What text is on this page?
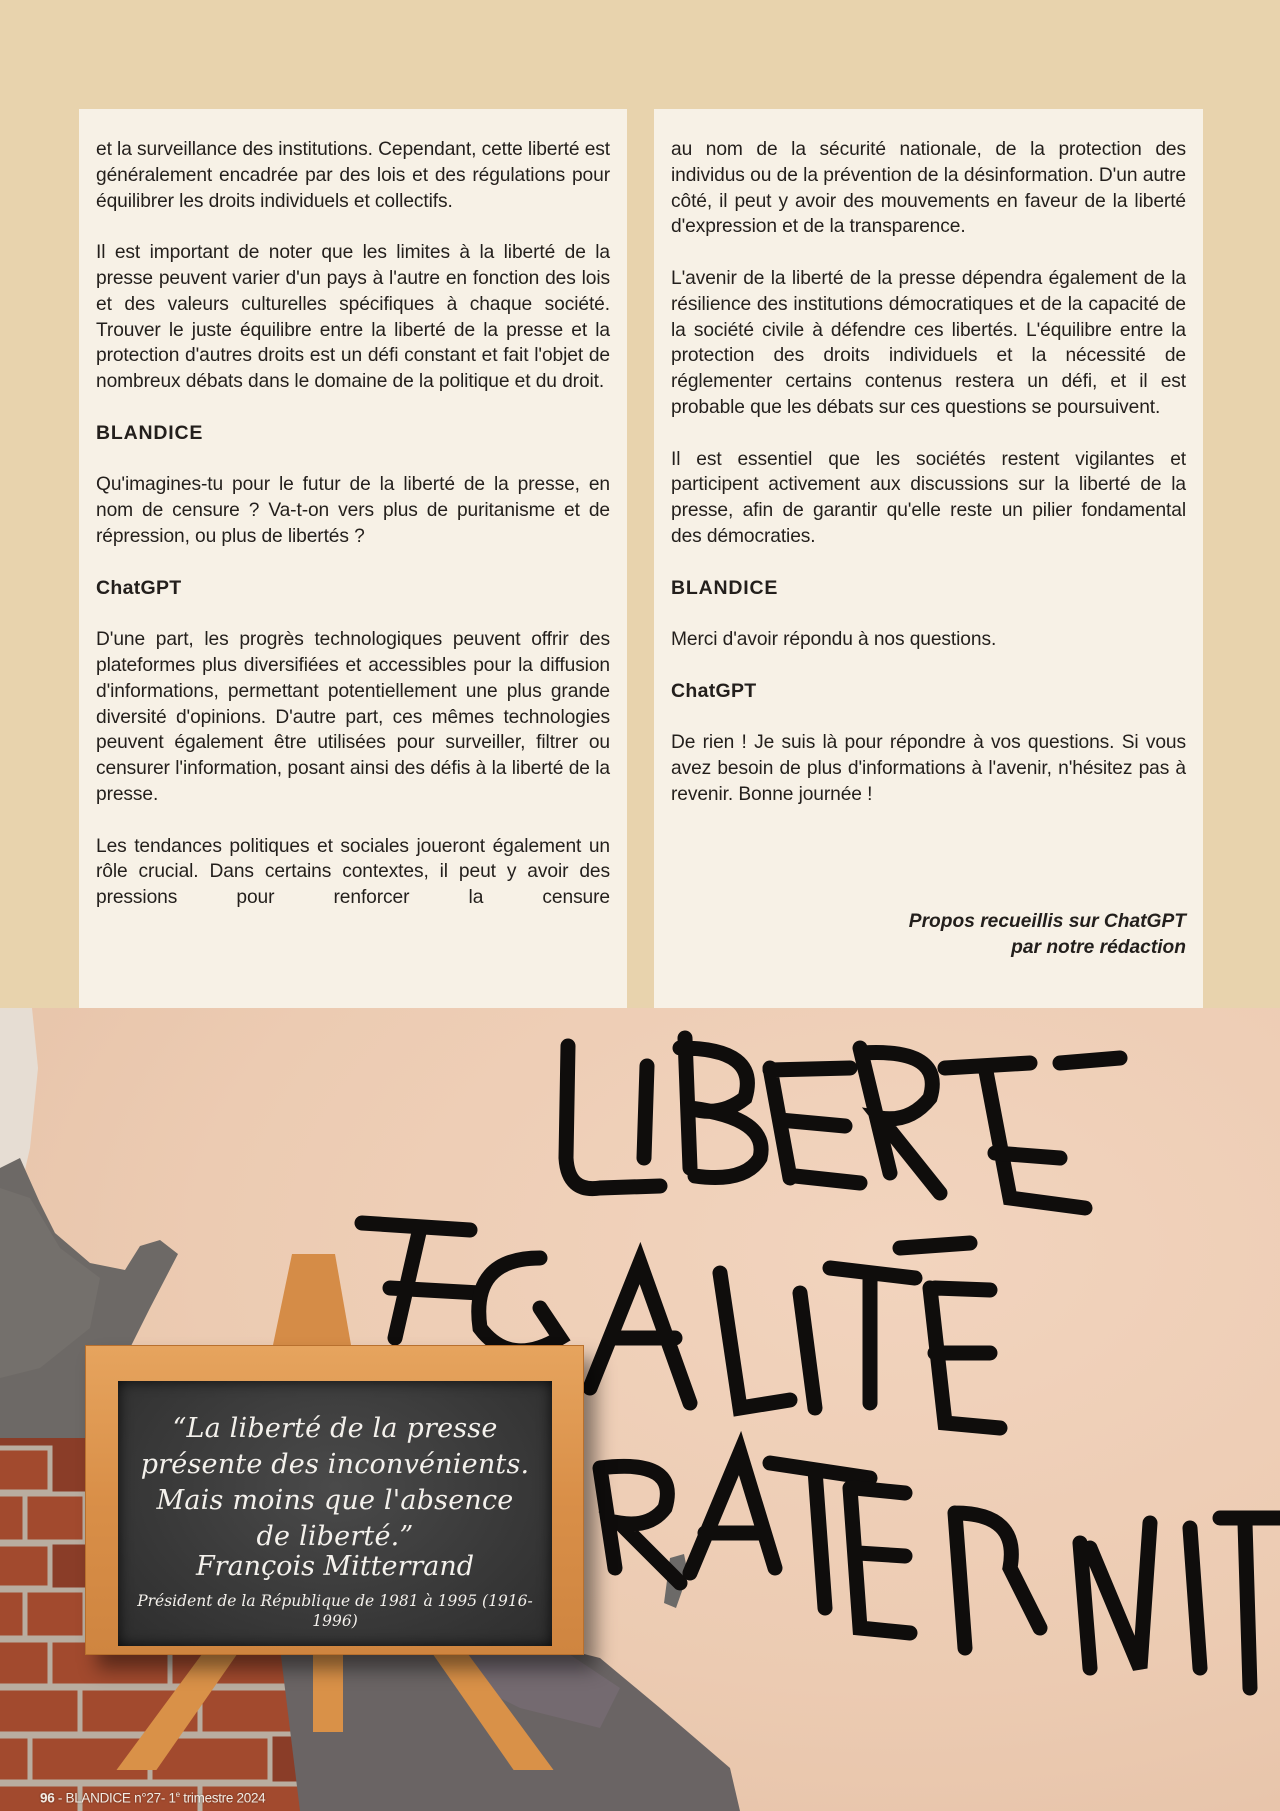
et la surveillance des institutions. Cependant, cette liberté est généralement encadrée par des lois et des régulations pour équilibrer les droits individuels et collectifs.

Il est important de noter que les limites à la liberté de la presse peuvent varier d'un pays à l'autre en fonction des lois et des valeurs culturelles spécifiques à chaque société. Trouver le juste équilibre entre la liberté de la presse et la protection d'autres droits est un défi constant et fait l'objet de nombreux débats dans le domaine de la politique et du droit.

BLANDICE

Qu'imagines-tu pour le futur de la liberté de la presse, en nom de censure ? Va-t-on vers plus de puritanisme et de répression, ou plus de libertés ?

ChatGPT

D'une part, les progrès technologiques peuvent offrir des plateformes plus diversifiées et accessibles pour la diffusion d'informations, permettant potentiellement une plus grande diversité d'opinions. D'autre part, ces mêmes technologies peuvent également être utilisées pour surveiller, filtrer ou censurer l'information, posant ainsi des défis à la liberté de la presse.

Les tendances politiques et sociales joueront également un rôle crucial. Dans certains contextes, il peut y avoir des pressions pour renforcer la censure

au nom de la sécurité nationale, de la protection des individus ou de la prévention de la désinformation. D'un autre côté, il peut y avoir des mouvements en faveur de la liberté d'expression et de la transparence.

L'avenir de la liberté de la presse dépendra également de la résilience des institutions démocratiques et de la capacité de la société civile à défendre ces libertés. L'équilibre entre la protection des droits individuels et la nécessité de réglementer certains contenus restera un défi, et il est probable que les débats sur ces questions se poursuivent.

Il est essentiel que les sociétés restent vigilantes et participent activement aux discussions sur la liberté de la presse, afin de garantir qu'elle reste un pilier fondamental des démocraties.

BLANDICE

Merci d'avoir répondu à nos questions.

ChatGPT

De rien ! Je suis là pour répondre à vos questions. Si vous avez besoin de plus d'informations à l'avenir, n'hésitez pas à revenir. Bonne journée !

Propos recueillis sur ChatGPT
par notre rédaction
“La liberté de la presse présente des inconvénients. Mais moins que l'absence de liberté.”
François Mitterrand
Président de la République de 1981 à 1995 (1916-1996)
96 - BLANDICE n°27- 1e trimestre 2024
